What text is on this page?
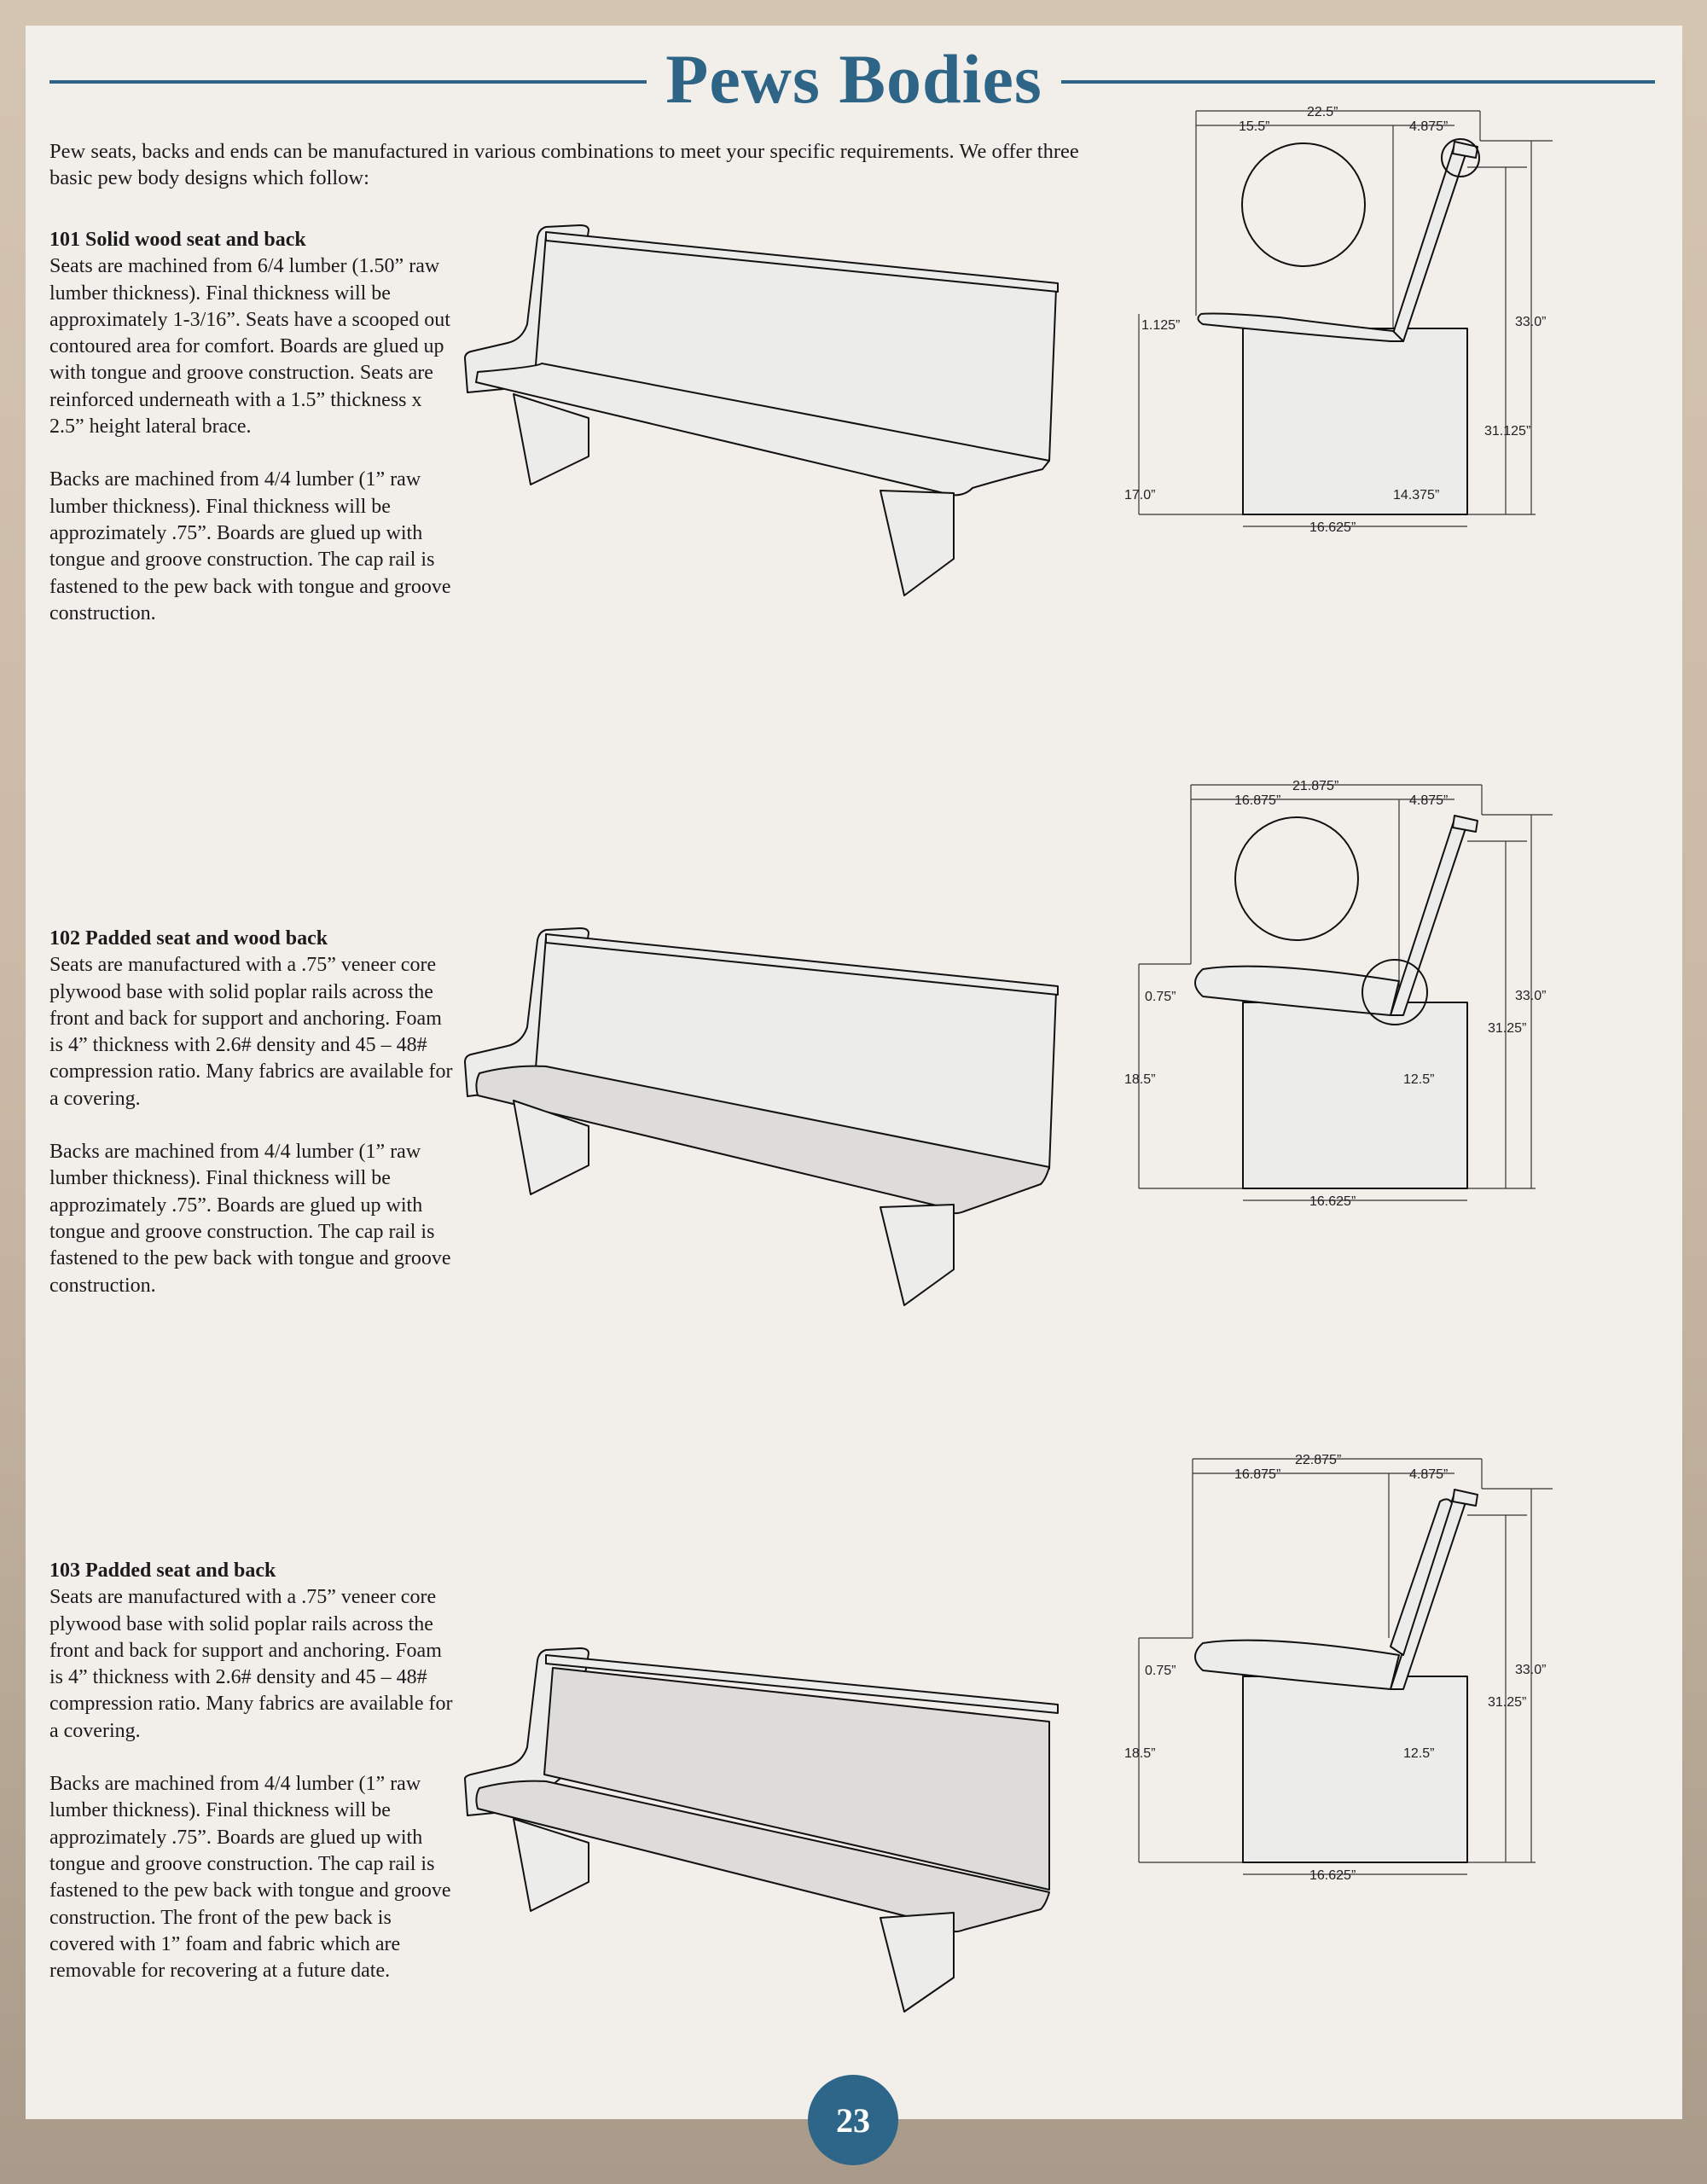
Pews Bodies
Pew seats, backs and ends can be manufactured in various combinations to meet your specific requirements. We offer three basic pew body designs which follow:
101 Solid wood seat and back

Seats are machined from 6/4 lumber (1.50” raw lumber thickness). Final thickness will be approximately 1-3/16”. Seats have a scooped out contoured area for comfort. Boards are glued up with tongue and groove construction. Seats are reinforced underneath with a 1.5” thickness x 2.5” height lateral brace.

Backs are machined from 4/4 lumber (1” raw lumber thickness). Final thickness will be approzimately .75”. Boards are glued up with tongue and groove construction. The cap rail is fastened to the pew back with tongue and groove construction.

102 Padded seat and wood back

Seats are manufactured with a .75” veneer core plywood base with solid poplar rails across the front and back for support and anchoring. Foam is 4” thickness with 2.6# density and 45 – 48# compression ratio. Many fabrics are available for a covering.

Backs are machined from 4/4 lumber (1” raw lumber thickness). Final thickness will be approzimately .75”. Boards are glued up with tongue and groove construction. The cap rail is fastened to the pew back with tongue and groove construction.

103 Padded seat and back

Seats are manufactured with a .75” veneer core plywood base with solid poplar rails across the front and back for support and anchoring. Foam is 4” thickness with 2.6# density and 45 – 48# compression ratio. Many fabrics are available for a covering.

Backs are machined from 4/4 lumber (1” raw lumber thickness). Final thickness will be approzimately .75”. Boards are glued up with tongue and groove construction. The cap rail is fastened to the pew back with tongue and groove construction. The front of the pew back is covered with 1” foam and fabric which are removable for recovering at a future date.

22.5”
15.5”	4.875”
33.0”
31.125”
1.125”
17.0”	14.375”
16.625”
21.875”
16.875”	4.875”
33.0”
31.25”
0.75”
18.5”	12.5”
16.625”
22.875”
16.875”	4.875”
33.0”
31.25”
0.75”
18.5”	12.5”
16.625”
23
